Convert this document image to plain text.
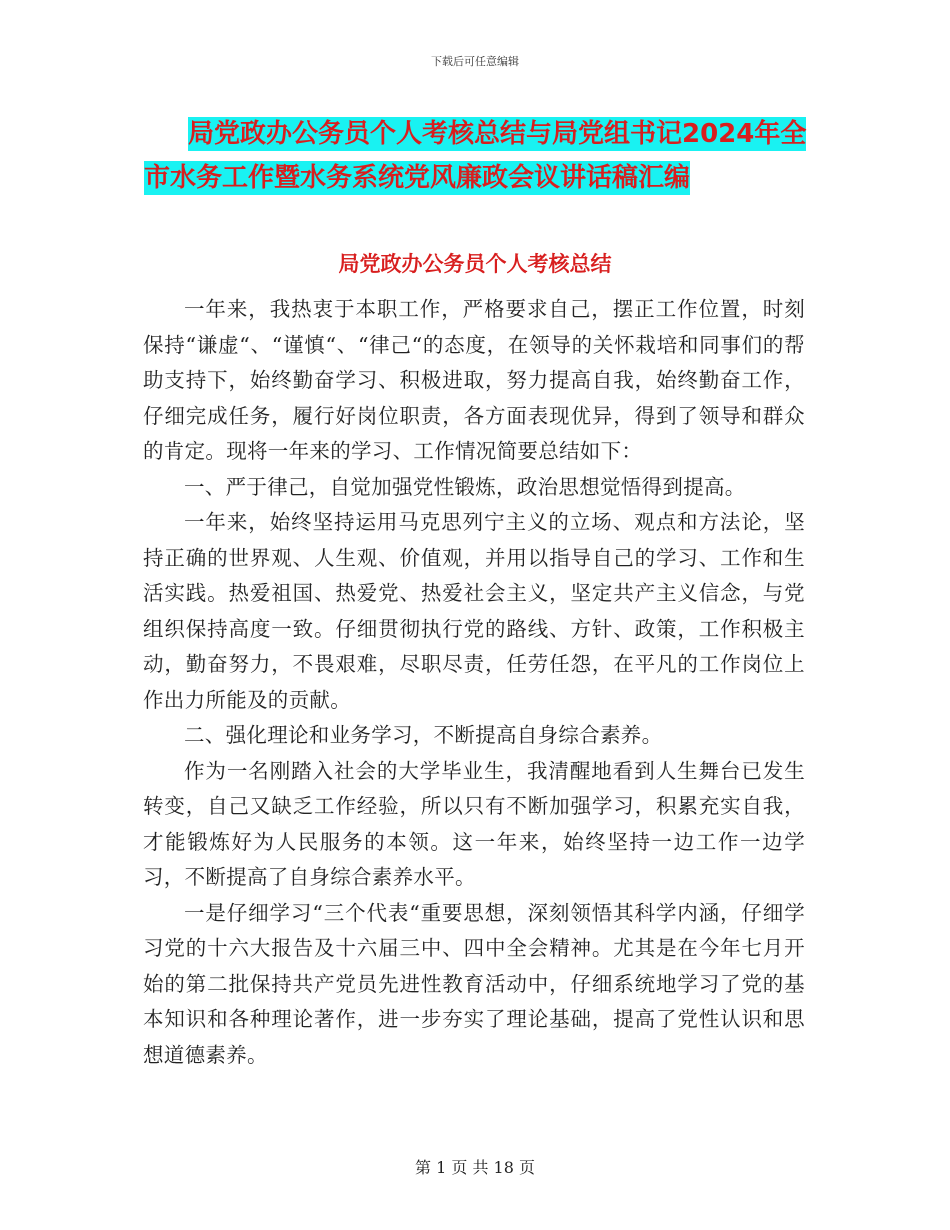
下载后可任意编辑
局党政办公务员个人考核总结与局党组书记2024年全
市水务工作暨水务系统党风廉政会议讲话稿汇编
局党政办公务员个人考核总结

一年来，我热衷于本职工作，严格要求自己，摆正工作位置，时刻保持“谦虚“、“谨慎“、“律己“的态度，在领导的关怀栽培和同事们的帮助支持下，始终勤奋学习、积极进取，努力提高自我，始终勤奋工作，仔细完成任务，履行好岗位职责，各方面表现优异，得到了领导和群众的肯定。现将一年来的学习、工作情况简要总结如下：

一、严于律己，自觉加强党性锻炼，政治思想觉悟得到提高。

一年来，始终坚持运用马克思列宁主义的立场、观点和方法论，坚持正确的世界观、人生观、价值观，并用以指导自己的学习、工作和生活实践。热爱祖国、热爱党、热爱社会主义，坚定共产主义信念，与党组织保持高度一致。仔细贯彻执行党的路线、方针、政策，工作积极主动，勤奋努力，不畏艰难，尽职尽责，任劳任怨，在平凡的工作岗位上作出力所能及的贡献。

二、强化理论和业务学习，不断提高自身综合素养。

作为一名刚踏入社会的大学毕业生，我清醒地看到人生舞台已发生转变，自己又缺乏工作经验，所以只有不断加强学习，积累充实自我，才能锻炼好为人民服务的本领。这一年来，始终坚持一边工作一边学习，不断提高了自身综合素养水平。

一是仔细学习“三个代表“重要思想，深刻领悟其科学内涵，仔细学习党的十六大报告及十六届三中、四中全会精神。尤其是在今年七月开始的第二批保持共产党员先进性教育活动中，仔细系统地学习了党的基本知识和各种理论著作，进一步夯实了理论基础，提高了党性认识和思想道德素养。

第 1 页 共 18 页
